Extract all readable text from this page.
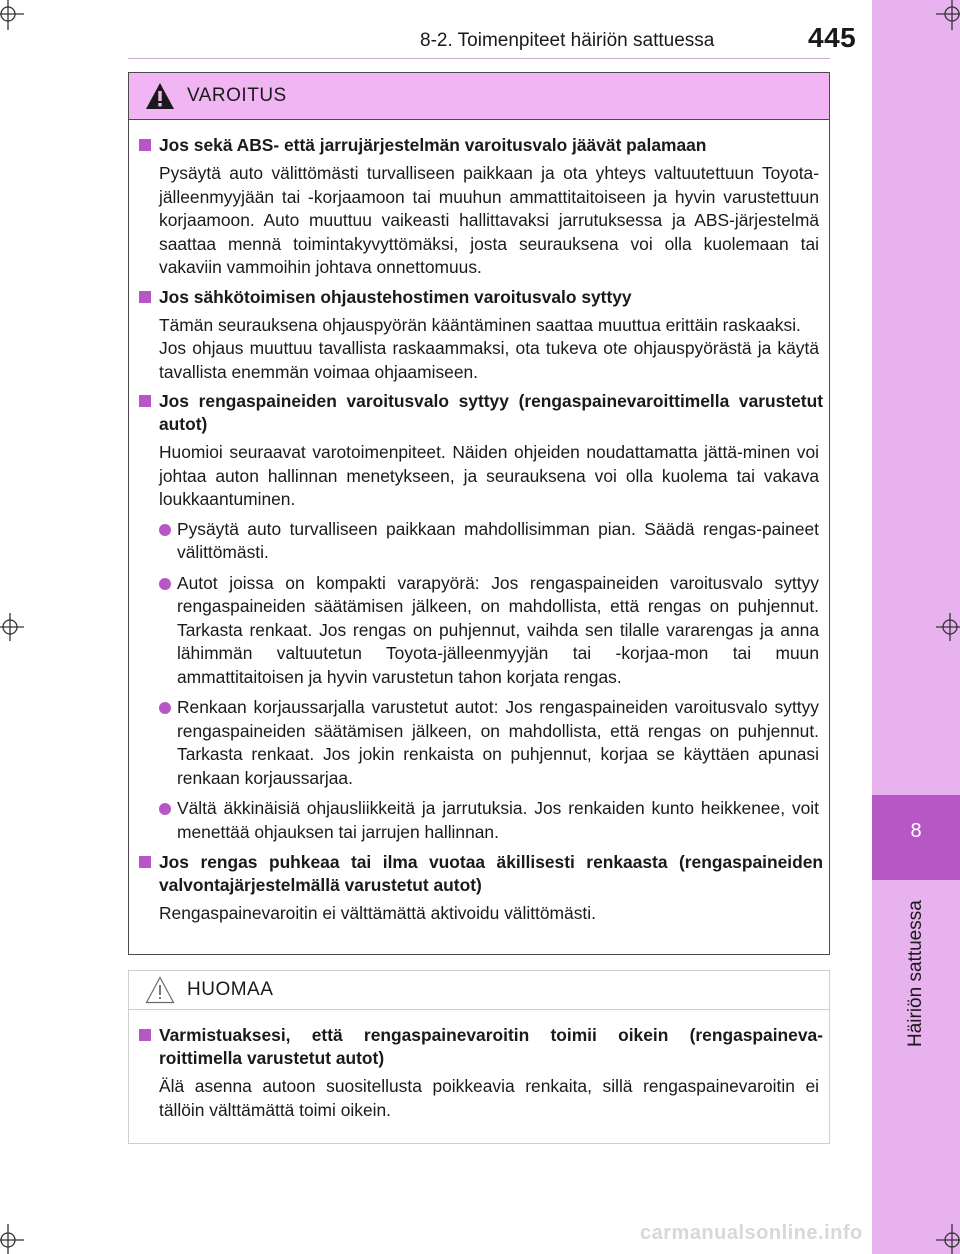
8
Häiriön sattuessa
8-2. Toimenpiteet häiriön sattuessa	445
VAROITUS
Jos sekä ABS- että jarrujärjestelmän varoitusvalo jäävät palamaan
Pysäytä auto välittömästi turvalliseen paikkaan ja ota yhteys valtuutettuun Toyota-jälleenmyyjään tai -korjaamoon tai muuhun ammattitaitoiseen ja hyvin varustettuun korjaamoon. Auto muuttuu vaikeasti hallittavaksi jarrutuksessa ja ABS-järjestelmä saattaa mennä toimintakyvyttömäksi, josta seurauksena voi olla kuolemaan tai vakaviin vammoihin johtava onnettomuus.
Jos sähkötoimisen ohjaustehostimen varoitusvalo syttyy
Tämän seurauksena ohjauspyörän kääntäminen saattaa muuttua erittäin raskaaksi.
Jos ohjaus muuttuu tavallista raskaammaksi, ota tukeva ote ohjauspyörästä ja käytä tavallista enemmän voimaa ohjaamiseen.
Jos rengaspaineiden varoitusvalo syttyy (rengaspainevaroittimella varustetut autot)
Huomioi seuraavat varotoimenpiteet. Näiden ohjeiden noudattamatta jättä-minen voi johtaa auton hallinnan menetykseen, ja seurauksena voi olla kuolema tai vakava loukkaantuminen.
Pysäytä auto turvalliseen paikkaan mahdollisimman pian. Säädä rengas-paineet välittömästi.
Autot joissa on kompakti varapyörä: Jos rengaspaineiden varoitusvalo syttyy rengaspaineiden säätämisen jälkeen, on mahdollista, että rengas on puhjennut. Tarkasta renkaat. Jos rengas on puhjennut, vaihda sen tilalle vararengas ja anna lähimmän valtuutetun Toyota-jälleenmyyjän tai -korjaa-mon tai muun ammattitaitoisen ja hyvin varustetun tahon korjata rengas.
Renkaan korjaussarjalla varustetut autot: Jos rengaspaineiden varoitusvalo syttyy rengaspaineiden säätämisen jälkeen, on mahdollista, että rengas on puhjennut. Tarkasta renkaat. Jos jokin renkaista on puhjennut, korjaa se käyttäen apunasi renkaan korjaussarjaa.
Vältä äkkinäisiä ohjausliikkeitä ja jarrutuksia. Jos renkaiden kunto heikkenee, voit menettää ohjauksen tai jarrujen hallinnan.
Jos rengas puhkeaa tai ilma vuotaa äkillisesti renkaasta (rengaspaineiden valvontajärjestelmällä varustetut autot)
Rengaspainevaroitin ei välttämättä aktivoidu välittömästi.
HUOMAA
Varmistuaksesi, että rengaspainevaroitin toimii oikein (rengaspaineva-roittimella varustetut autot)
Älä asenna autoon suositellusta poikkeavia renkaita, sillä rengaspainevaroitin ei tällöin välttämättä toimi oikein.
carmanualsonline.info
